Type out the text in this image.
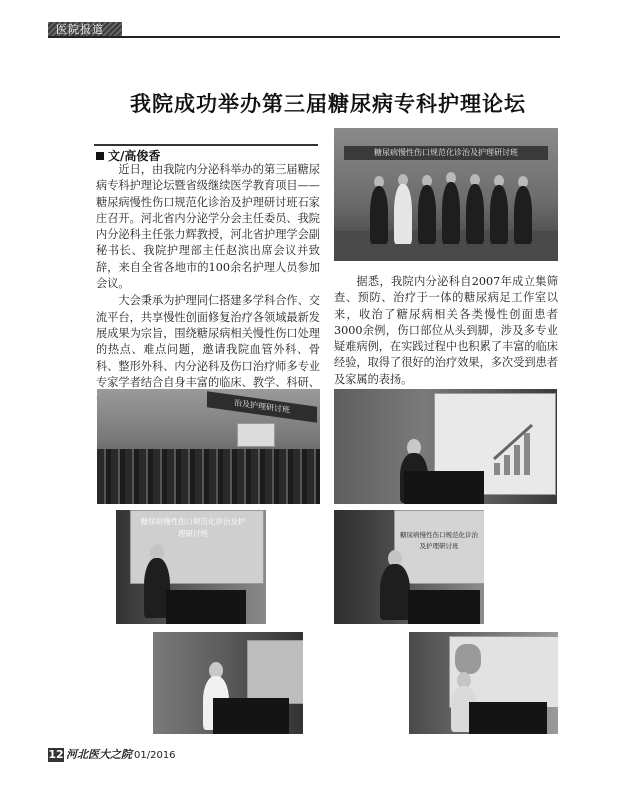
医院报道
我院成功举办第三届糖尿病专科护理论坛
文/高俊香

近日，由我院内分泌科举办的第三届糖尿病专科护理论坛暨省级继续医学教育项目——糖尿病慢性伤口规范化诊治及护理研讨班石家庄召开。河北省内分泌学分会主任委员、我院内分泌科主任张力辉教授，河北省护理学会副秘书长、我院护理部主任赵滨出席会议并致辞，来自全省各地市的100余名护理人员参加会议。

大会秉承为护理同仁搭建多学科合作、交流平台，共享慢性创面修复治疗各领域最新发展成果为宗旨，围绕糖尿病相关慢性伤口处理的热点、难点问题，邀请我院血管外科、骨科、整形外科、内分泌科及伤口治疗师多专业专家学者结合自身丰富的临床、教学、科研、

糖尿病慢性伤口规范化诊治及护理研讨班

据悉，我院内分泌科自2007年成立集筛查、预防、治疗于一体的糖尿病足工作室以来，收治了糖尿病相关各类慢性创面患者3000余例，伤口部位从头到脚，涉及多专业疑难病例，在实践过程中也积累了丰富的临床经验，取得了很好的治疗效果，多次受到患者及家属的表扬。

治及护理研讨班
糖尿病慢性伤口规范化诊治及护理研讨班	糖尿病慢性伤口规范化诊治及护理研讨班
12 河北医大之院 01/2016
